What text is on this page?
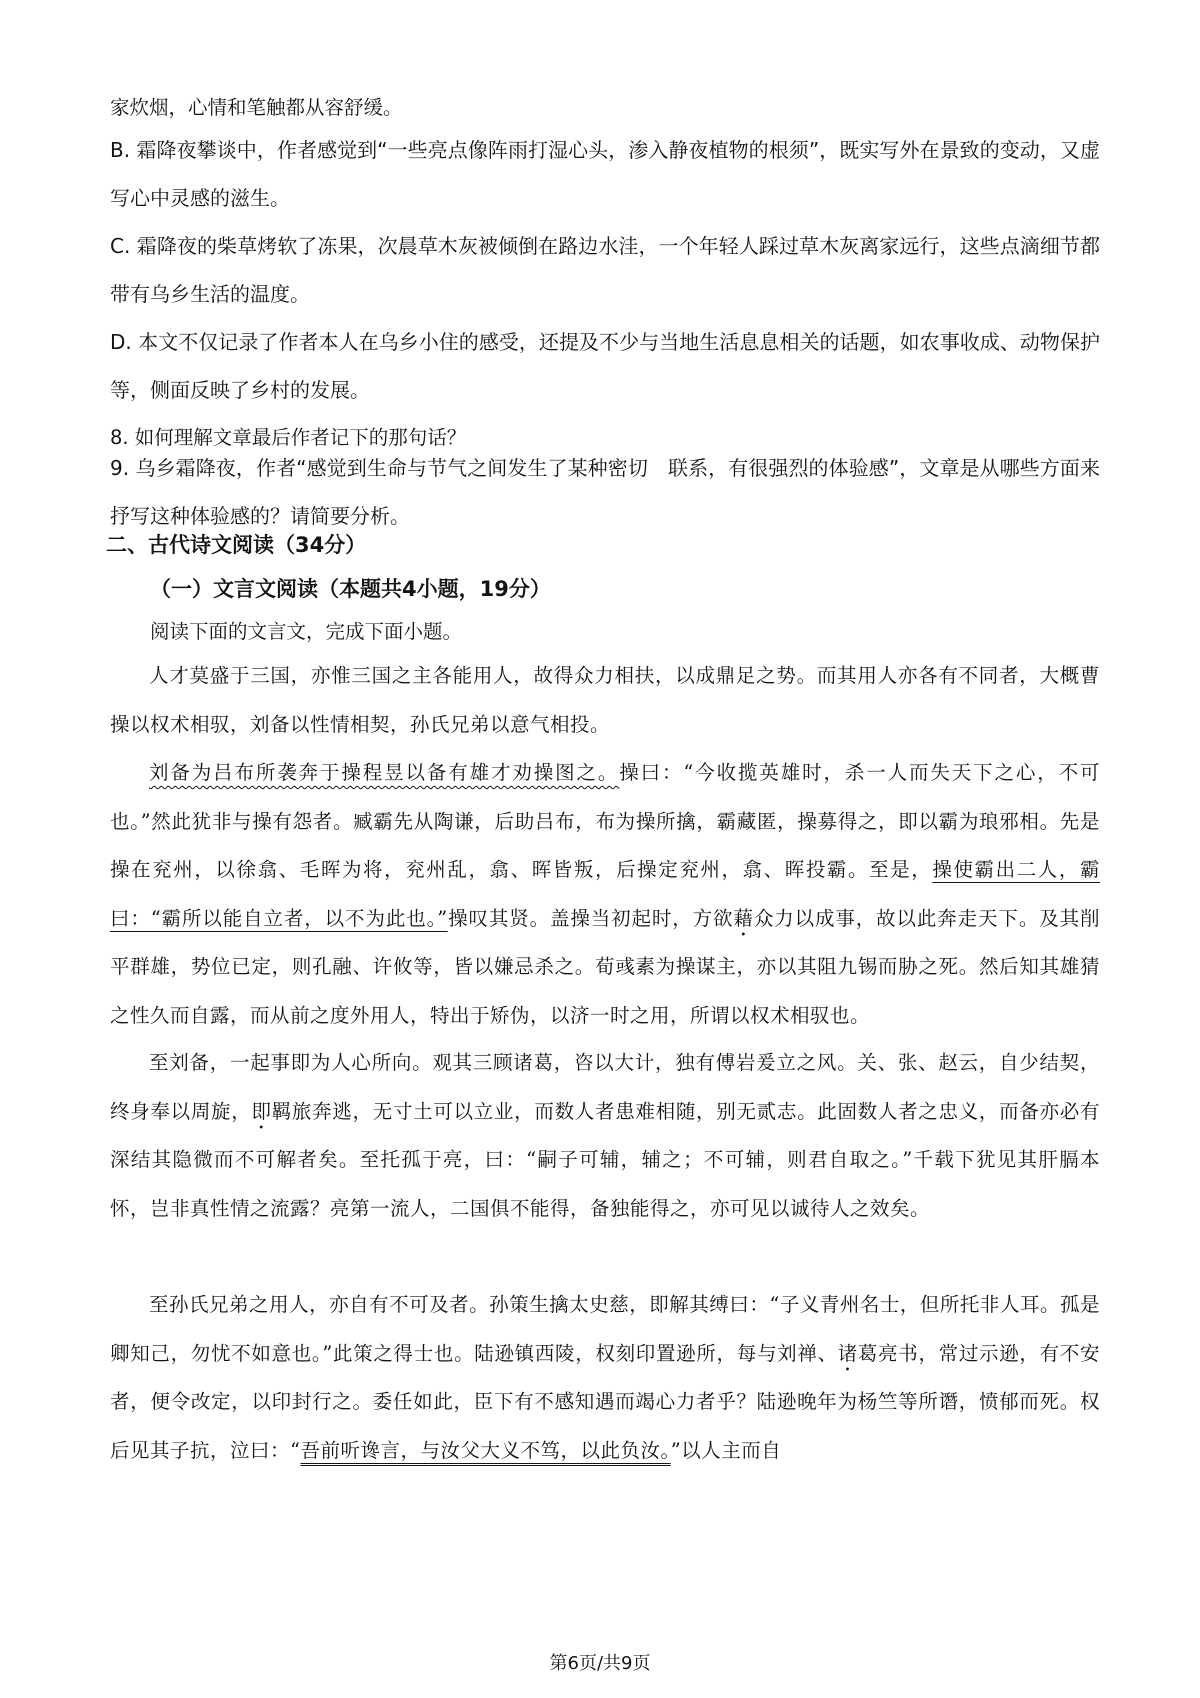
家炊烟，心情和笔触都从容舒缓。
B. 霜降夜攀谈中，作者感觉到“一些亮点像阵雨打湿心头，渗入静夜植物的根须”，既实写外在景致的变动，又虚写心中灵感的滋生。
C. 霜降夜的柴草烤软了冻果，次晨草木灰被倾倒在路边水洼，一个年轻人踩过草木灰离家远行，这些点滴细节都带有乌乡生活的温度。
D. 本文不仅记录了作者本人在乌乡小住的感受，还提及不少与当地生活息息相关的话题，如农事收成、动物保护等，侧面反映了乡村的发展。
8. 如何理解文章最后作者记下的那句话？
9. 乌乡霜降夜，作者“感觉到生命与节气之间发生了某种密切　联系，有很强烈的体验感”，文章是从哪些方面来抒写这种体验感的？请简要分析。
二、古代诗文阅读（34分）
（一）文言文阅读（本题共4小题，19分）
阅读下面的文言文，完成下面小题。
人才莫盛于三国，亦惟三国之主各能用人，故得众力相扶，以成鼎足之势。而其用人亦各有不同者，大概曹操以权术相驭，刘备以性情相契，孙氏兄弟以意气相投。
刘备为吕布所袭奔于操程昱以备有雄才劝操图之。操曰：“今收揽英雄时，杀一人而失天下之心，不可也。”然此犹非与操有怨者。臧霸先从陶谦，后助吕布，布为操所擒，霸藏匿，操募得之，即以霸为琅邪相。先是操在兖州，以徐翕、毛晖为将，兖州乱，翕、晖皆叛，后操定兖州，翕、晖投霸。至是，操使霸出二人，霸曰：“霸所以能自立者，以不为此也。”操叹其贤。盖操当初起时，方欲藉众力以成事，故以此奔走天下。及其削平群雄，势位已定，则孔融、许攸等，皆以嫌忌杀之。荀彧素为操谋主，亦以其阻九锡而胁之死。然后知其雄猜之性久而自露，而从前之度外用人，特出于矫伪，以济一时之用，所谓以权术相驭也。
至刘备，一起事即为人心所向。观其三顾诸葛，咨以大计，独有傅岩爰立之风。关、张、赵云，自少结契，终身奉以周旋，即羁旅奔逃，无寸土可以立业，而数人者患难相随，别无贰志。此固数人者之忠义，而备亦必有深结其隐微而不可解者矣。至托孤于亮，曰：“嗣子可辅，辅之；不可辅，则君自取之。”千载下犹见其肝膈本怀，岂非真性情之流露？亮第一流人，二国俱不能得，备独能得之，亦可见以诚待人之效矣。
至孙氏兄弟之用人，亦自有不可及者。孙策生擒太史慈，即解其缚曰：“子义青州名士，但所托非人耳。孤是卿知己，勿忧不如意也。”此策之得士也。陆逊镇西陵，权刻印置逊所，每与刘禅、诸葛亮书，常过示逊，有不安者，便令改定，以印封行之。委任如此，臣下有不感知遇而竭心力者乎？陆逊晚年为杨竺等所谮，愤郁而死。权后见其子抗，泣曰：“吾前听谗言，与汝父大义不笃，以此负汝。”以人主而自
第6页/共9页
